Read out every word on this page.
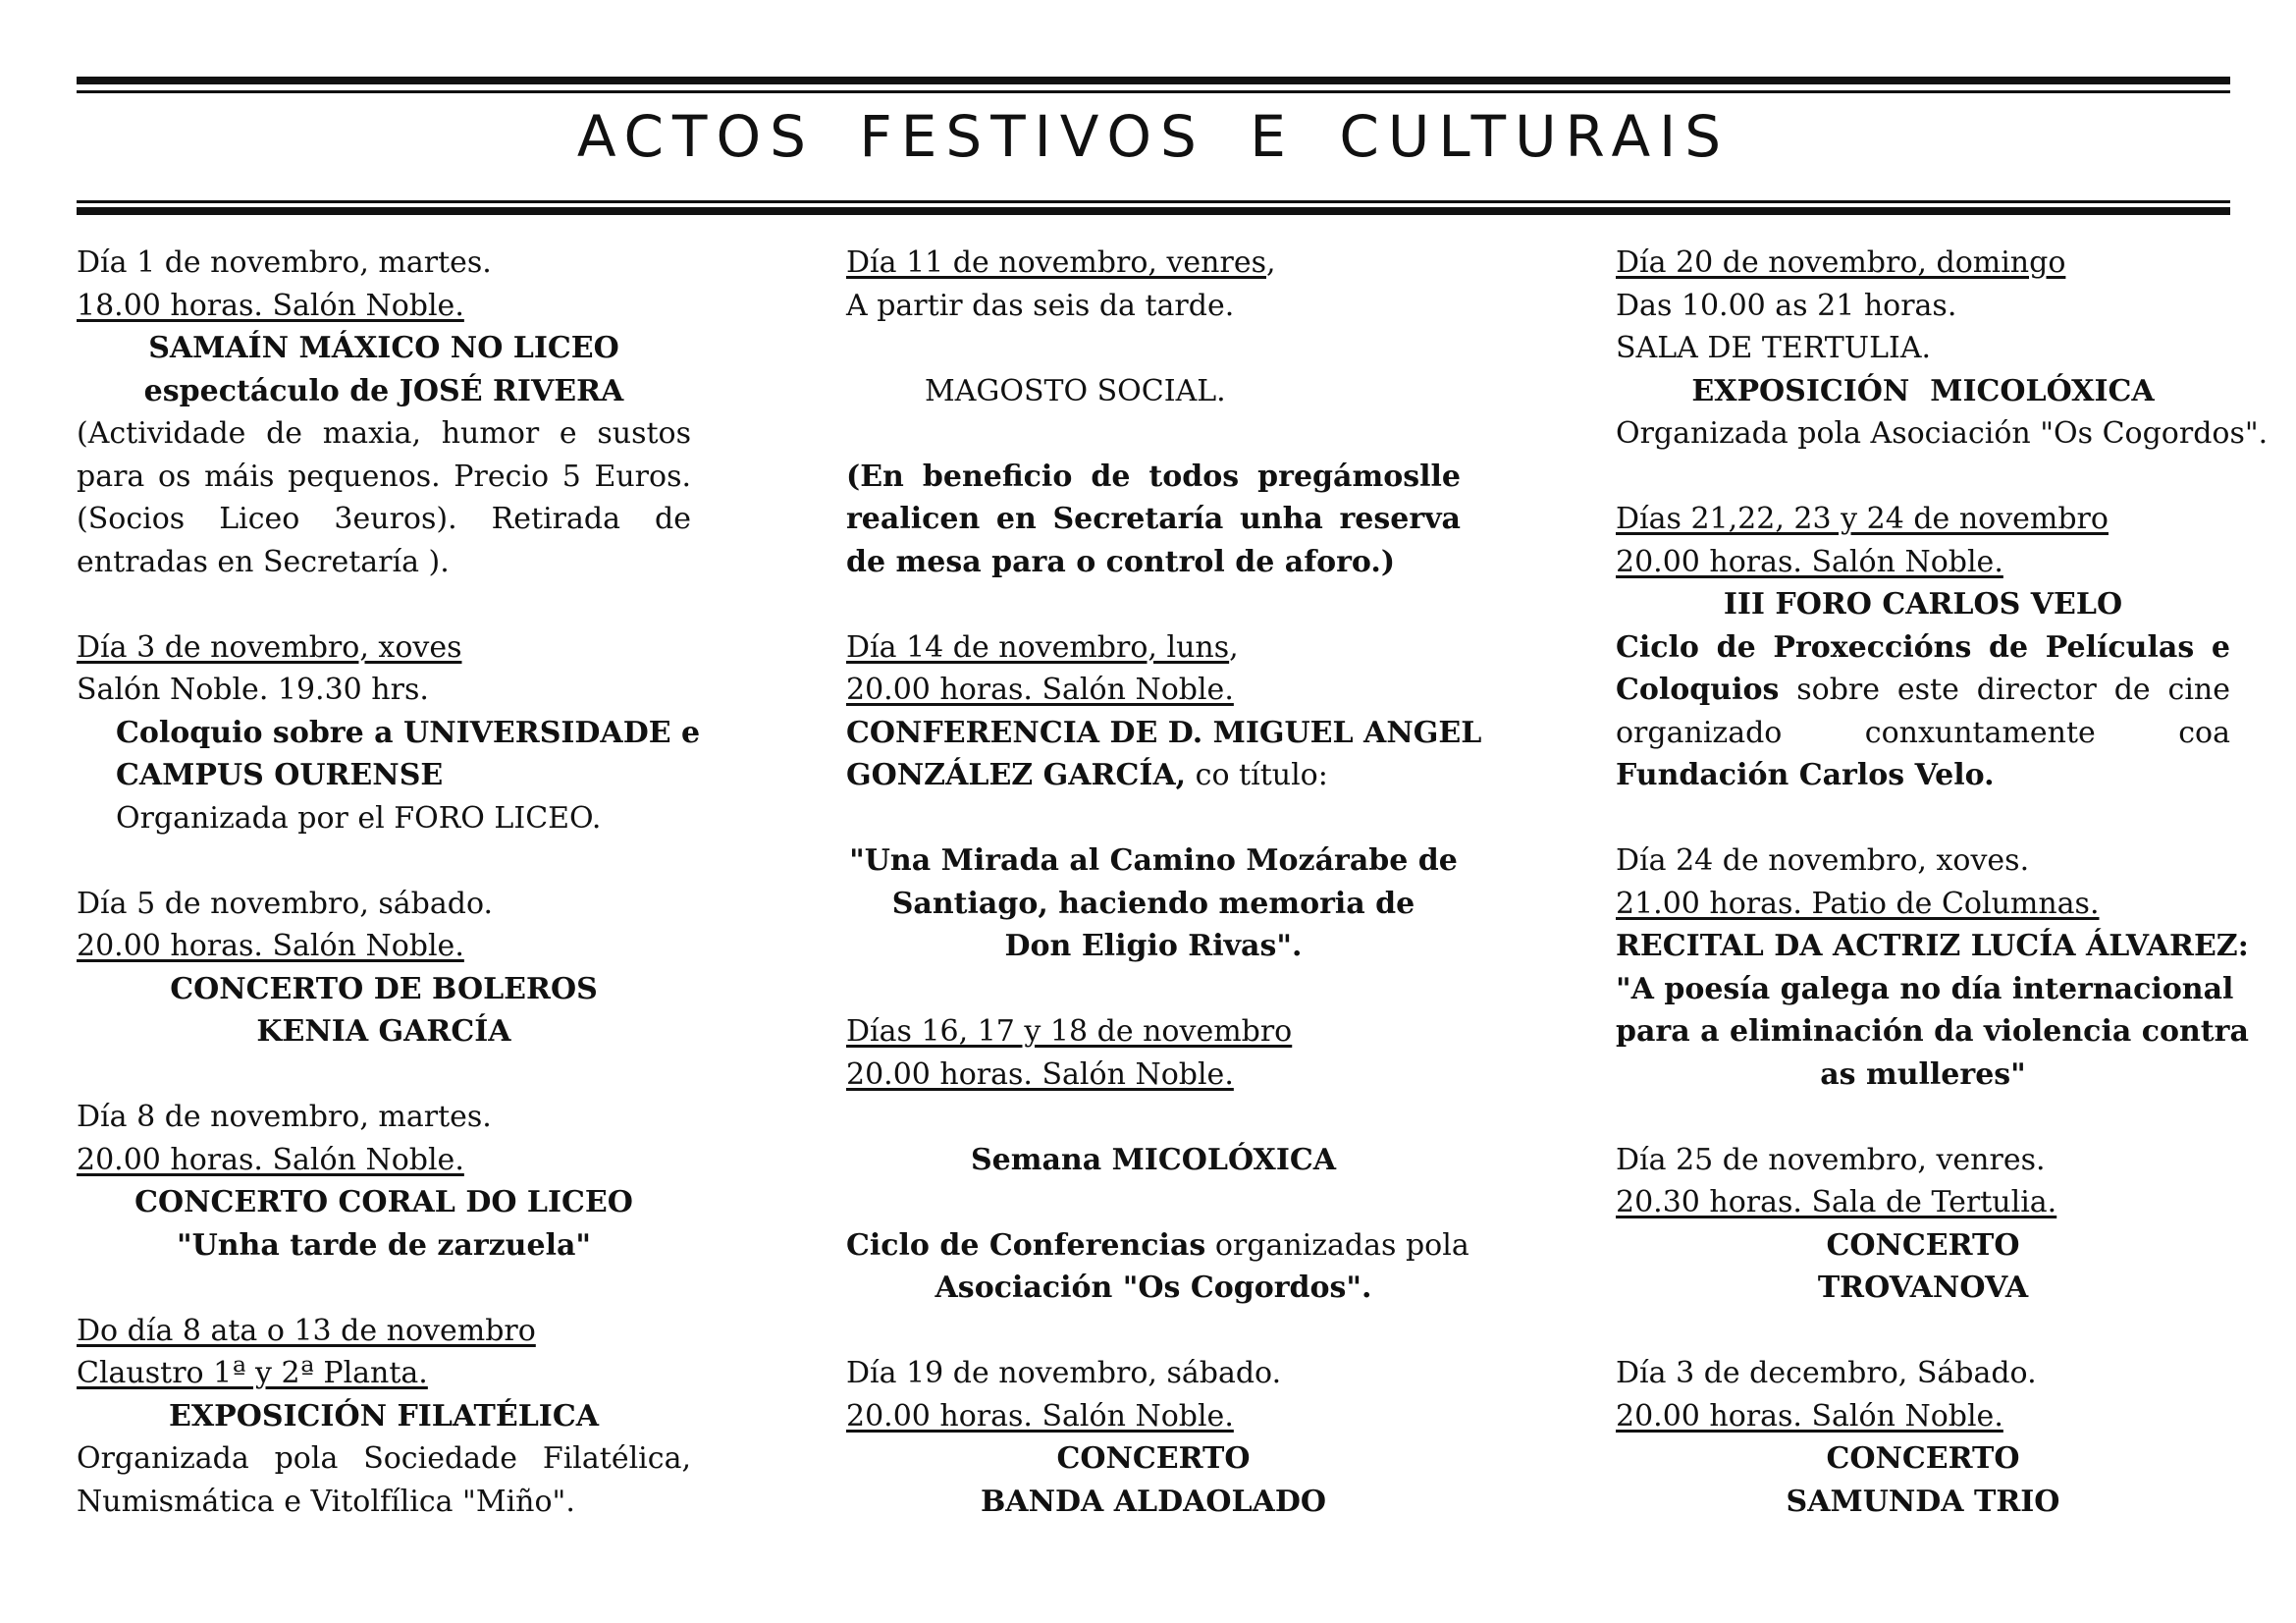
ACTOS FESTIVOS E CULTURAIS
Día 1 de novembro, martes.
18.00 horas. Salón Noble.
SAMAÍN MÁXICO NO LICEO
espectáculo de JOSÉ RIVERA
(Actividade de maxia, humor e sustos para os máis pequenos. Precio 5 Euros. (Socios Liceo 3euros). Retirada de entradas en Secretaría ).
Día 3 de novembro, xoves
Salón Noble. 19.30 hrs.
Coloquio sobre a UNIVERSIDADE e
CAMPUS OURENSE
Organizada por el FORO LICEO.
Día 5 de novembro, sábado.
20.00 horas. Salón Noble.
CONCERTO DE BOLEROS
KENIA GARCÍA
Día 8 de novembro, martes.
20.00 horas. Salón Noble.
CONCERTO CORAL DO LICEO
"Unha tarde de zarzuela"
Do día 8 ata o 13 de novembro
Claustro 1ª y 2ª Planta.
EXPOSICIÓN FILATÉLICA
Organizada pola Sociedade Filatélica, Numismática e Vitolfílica "Miño".
Día 11 de novembro, venres,
A partir das seis da tarde.
MAGOSTO SOCIAL.
(En beneficio de todos pregámoslle realicen en Secretaría unha reserva de mesa para o control de aforo.)
Día 14 de novembro, luns,
20.00 horas. Salón Noble.
CONFERENCIA DE D. MIGUEL ANGEL
GONZÁLEZ GARCÍA, co título:
"Una Mirada al Camino Mozárabe de
Santiago, haciendo memoria de
Don Eligio Rivas".
Días 16, 17 y 18 de novembro
20.00 horas. Salón Noble.
Semana MICOLÓXICA
Ciclo de Conferencias organizadas pola
Asociación "Os Cogordos".
Día 19 de novembro, sábado.
20.00 horas. Salón Noble.
CONCERTO
BANDA ALDAOLADO
Día 20 de novembro, domingo
Das 10.00 as 21 horas.
SALA DE TERTULIA.
EXPOSICIÓN  MICOLÓXICA
Organizada pola Asociación "Os Cogordos".
Días 21,22, 23 y 24 de novembro
20.00 horas. Salón Noble.
III FORO CARLOS VELO
Ciclo de Proxeccións de Películas e Coloquios sobre este director de cine organizado conxuntamente coa Fundación Carlos Velo.
Día 24 de novembro, xoves.
21.00 horas. Patio de Columnas.
RECITAL DA ACTRIZ LUCÍA ÁLVAREZ:
"A poesía galega no día internacional
para a eliminación da violencia contra
as mulleres"
Día 25 de novembro, venres.
20.30 horas. Sala de Tertulia.
CONCERTO
TROVANOVA
Día 3 de decembro, Sábado.
20.00 horas. Salón Noble.
CONCERTO
SAMUNDA TRIO
